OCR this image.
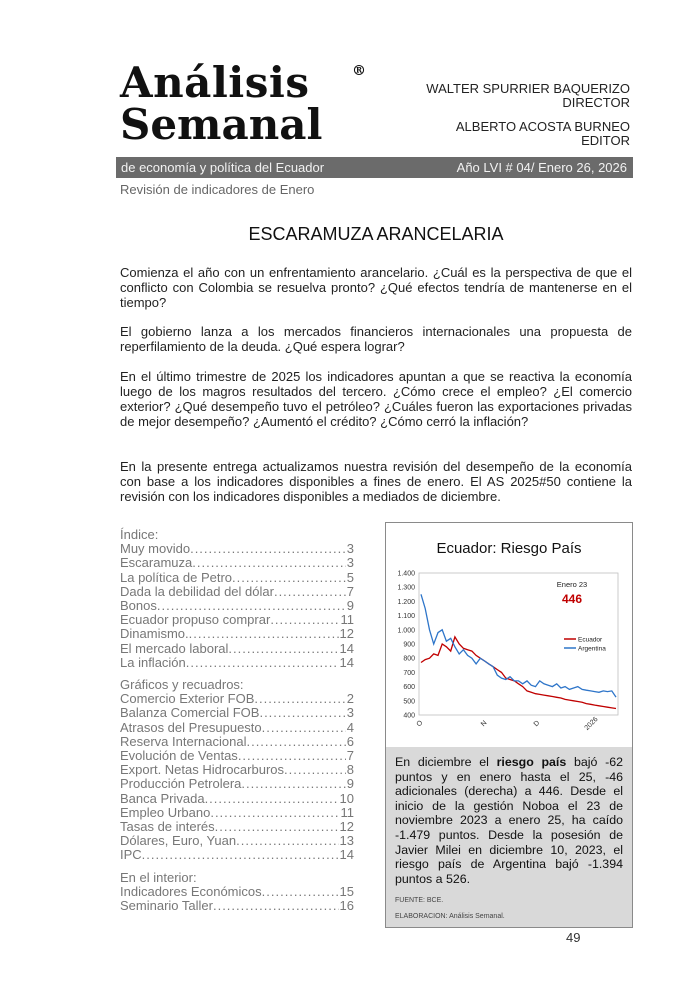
Análisis
Semanal
®
WALTER SPURRIER BAQUERIZO
DIRECTOR
ALBERTO ACOSTA BURNEO
EDITOR
de economía y política del Ecuador	Año LVI # 04/ Enero 26, 2026
Revisión de indicadores de Enero
ESCARAMUZA ARANCELARIA
Comienza el año con un enfrentamiento arancelario. ¿Cuál es la perspectiva de que el conflicto con Colombia se resuelva pronto? ¿Qué efectos tendría de mantenerse en el tiempo?
El gobierno lanza a los mercados financieros internacionales una propuesta de reperfilamiento de la deuda. ¿Qué espera lograr?
En el último trimestre de 2025 los indicadores apuntan a que se reactiva la economía luego de los magros resultados del tercero. ¿Cómo crece el empleo? ¿El comercio exterior? ¿Qué desempeño tuvo el petróleo? ¿Cuáles fueron las exportaciones privadas de mejor desempeño? ¿Aumentó el crédito? ¿Cómo cerró la inflación?
En la presente entrega actualizamos nuestra revisión del desempeño de la economía con base a los indicadores disponibles a fines de enero. El AS 2025#50 contiene la revisión con los indicadores disponibles a mediados de diciembre.
Índice:
Muy movido .....	3
Escaramuza .....	3
La política de Petro .....	5
Dada la debilidad del dólar .....	7
Bonos .....	9
Ecuador propuso comprar .....	11
Dinamismo. .....	12
El mercado laboral .....	14
La inflación .....	14
Gráficos y recuadros:
Comercio Exterior FOB .....	2
Balanza Comercial FOB .....	3
Atrasos del Presupuesto .....	4
Reserva Internacional .....	6
Evolución de Ventas .....	7
Export. Netas Hidrocarburos .....	8
Producción Petrolera .....	9
Banca Privada .....	10
Empleo Urbano .....	11
Tasas de interés .....	12
Dólares, Euro, Yuan .....	13
IPC .....	14
En el interior:
Indicadores Económicos .....	15
Seminario Taller .....	16
Ecuador: Riesgo País
1.400
1.300
1.200
1.100
1.000
900
800
700
600
500
400
O	N	D	2026
Enero 23
446
Ecuador
Argentina
En diciembre el riesgo país bajó -62 puntos y en enero hasta el 25, -46 adicionales (derecha) a 446. Desde el inicio de la gestión Noboa el 23 de noviembre 2023 a enero 25, ha caído -1.479 puntos. Desde la posesión de Javier Milei en diciembre 10, 2023, el riesgo país de Argentina bajó -1.394 puntos a 526.
FUENTE: BCE.
ELABORACION: Análisis Semanal.
49
